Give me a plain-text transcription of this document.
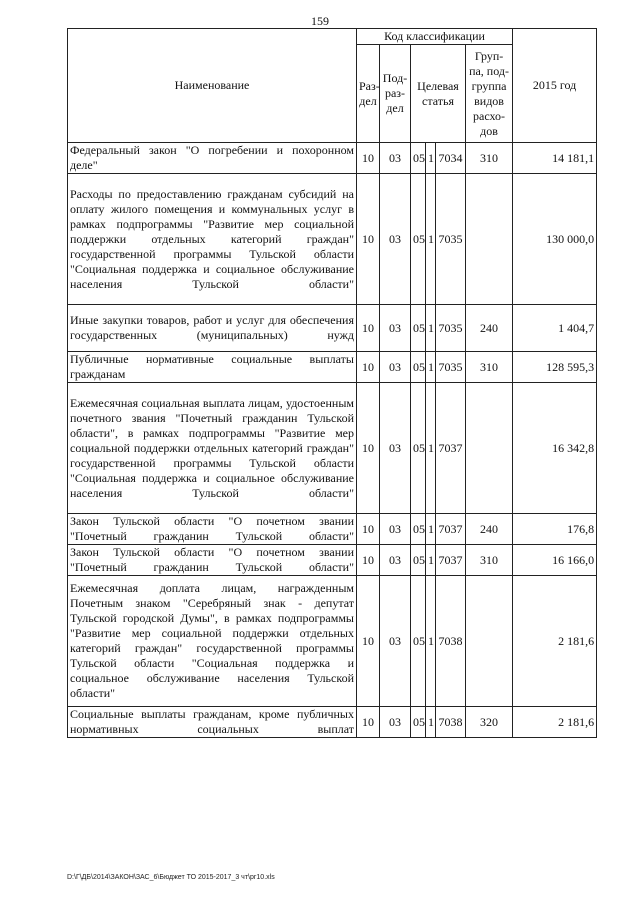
159
Наименование	Код классификации						2015 год
	Раз-дел	Под-раз-дел	Целевая статья			Груп-па, под-группа видов расхо-дов	
Федеральный закон "О погребении и похоронном деле"	10	03	05	1	7034	310	14 181,1
Расходы по предоставлению гражданам субсидий на оплату жилого помещения и коммунальных услуг в рамках подпрограммы "Развитие мер социальной поддержки отдельных категорий граждан" государственной программы Тульской области "Социальная поддержка и социальное обслуживание населения Тульской области"	10	03	05	1	7035		130 000,0
Иные закупки товаров, работ и услуг для обеспечения государственных (муниципальных) нужд	10	03	05	1	7035	240	1 404,7
Публичные нормативные социальные выплаты гражданам	10	03	05	1	7035	310	128 595,3
Ежемесячная социальная выплата лицам, удостоенным почетного звания "Почетный гражданин Тульской области", в рамках подпрограммы "Развитие мер социальной поддержки отдельных категорий граждан" государственной программы Тульской области "Социальная поддержка и социальное обслуживание населения Тульской области"	10	03	05	1	7037		16 342,8
Закон Тульской области "О почетном звании "Почетный гражданин Тульской области"	10	03	05	1	7037	240	176,8
Закон Тульской области "О почетном звании "Почетный гражданин Тульской области"	10	03	05	1	7037	310	16 166,0
Ежемесячная доплата лицам, награжденным Почетным знаком "Серебряный знак - депутат Тульской городской Думы", в рамках подпрограммы "Развитие мер социальной поддержки отдельных категорий граждан" государственной программы Тульской области "Социальная поддержка и социальное обслуживание населения Тульской области"	10	03	05	1	7038		2 181,6
Социальные выплаты гражданам, кроме публичных нормативных социальных выплат	10	03	05	1	7038	320	2 181,6
D:\Г\ДБ\2014\ЗАКОН\ЗАС_6\Бюджет ТО 2015-2017_3 чт\рг10.xls
